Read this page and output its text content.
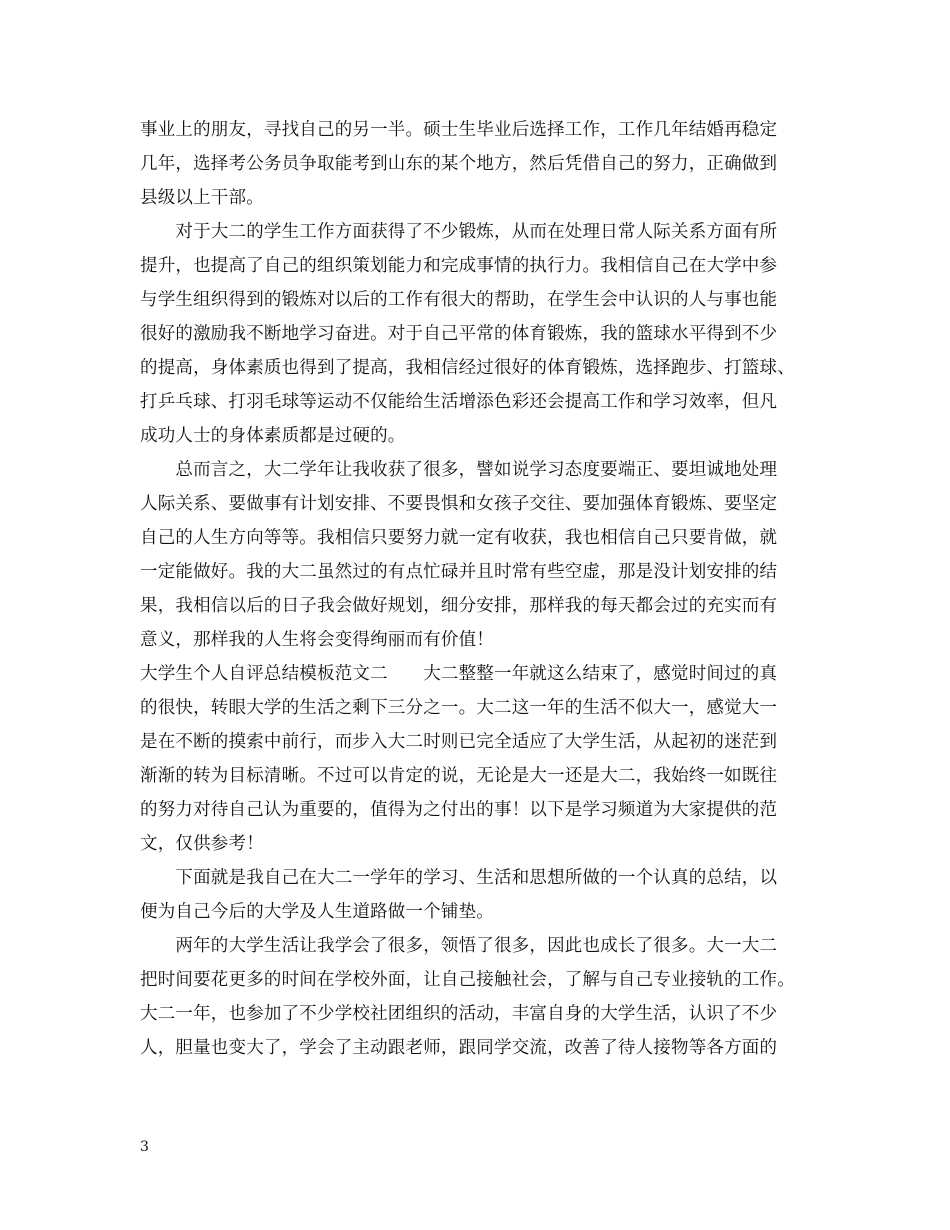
事业上的朋友，寻找自己的另一半。硕士生毕业后选择工作，工作几年结婚再稳定
几年，选择考公务员争取能考到山东的某个地方，然后凭借自己的努力，正确做到
县级以上干部。
　　对于大二的学生工作方面获得了不少锻炼，从而在处理日常人际关系方面有所
提升，也提高了自己的组织策划能力和完成事情的执行力。我相信自己在大学中参
与学生组织得到的锻炼对以后的工作有很大的帮助，在学生会中认识的人与事也能
很好的激励我不断地学习奋进。对于自己平常的体育锻炼，我的篮球水平得到不少
的提高，身体素质也得到了提高，我相信经过很好的体育锻炼，选择跑步、打篮球、
打乒乓球、打羽毛球等运动不仅能给生活增添色彩还会提高工作和学习效率，但凡
成功人士的身体素质都是过硬的。
　　总而言之，大二学年让我收获了很多，譬如说学习态度要端正、要坦诚地处理
人际关系、要做事有计划安排、不要畏惧和女孩子交往、要加强体育锻炼、要坚定
自己的人生方向等等。我相信只要努力就一定有收获，我也相信自己只要肯做，就
一定能做好。我的大二虽然过的有点忙碌并且时常有些空虚，那是没计划安排的结
果，我相信以后的日子我会做好规划，细分安排，那样我的每天都会过的充实而有
意义，那样我的人生将会变得绚丽而有价值！
大学生个人自评总结模板范文二　　大二整整一年就这么结束了，感觉时间过的真
的很快，转眼大学的生活之剩下三分之一。大二这一年的生活不似大一，感觉大一
是在不断的摸索中前行，而步入大二时则已完全适应了大学生活，从起初的迷茫到
渐渐的转为目标清晰。不过可以肯定的说，无论是大一还是大二，我始终一如既往
的努力对待自己认为重要的，值得为之付出的事！以下是学习频道为大家提供的范
文，仅供参考！
　　下面就是我自己在大二一学年的学习、生活和思想所做的一个认真的总结，以
便为自己今后的大学及人生道路做一个铺垫。
　　两年的大学生活让我学会了很多，领悟了很多，因此也成长了很多。大一大二
把时间要花更多的时间在学校外面，让自己接触社会，了解与自己专业接轨的工作。
大二一年，也参加了不少学校社团组织的活动，丰富自身的大学生活，认识了不少
人，胆量也变大了，学会了主动跟老师，跟同学交流，改善了待人接物等各方面的
3
